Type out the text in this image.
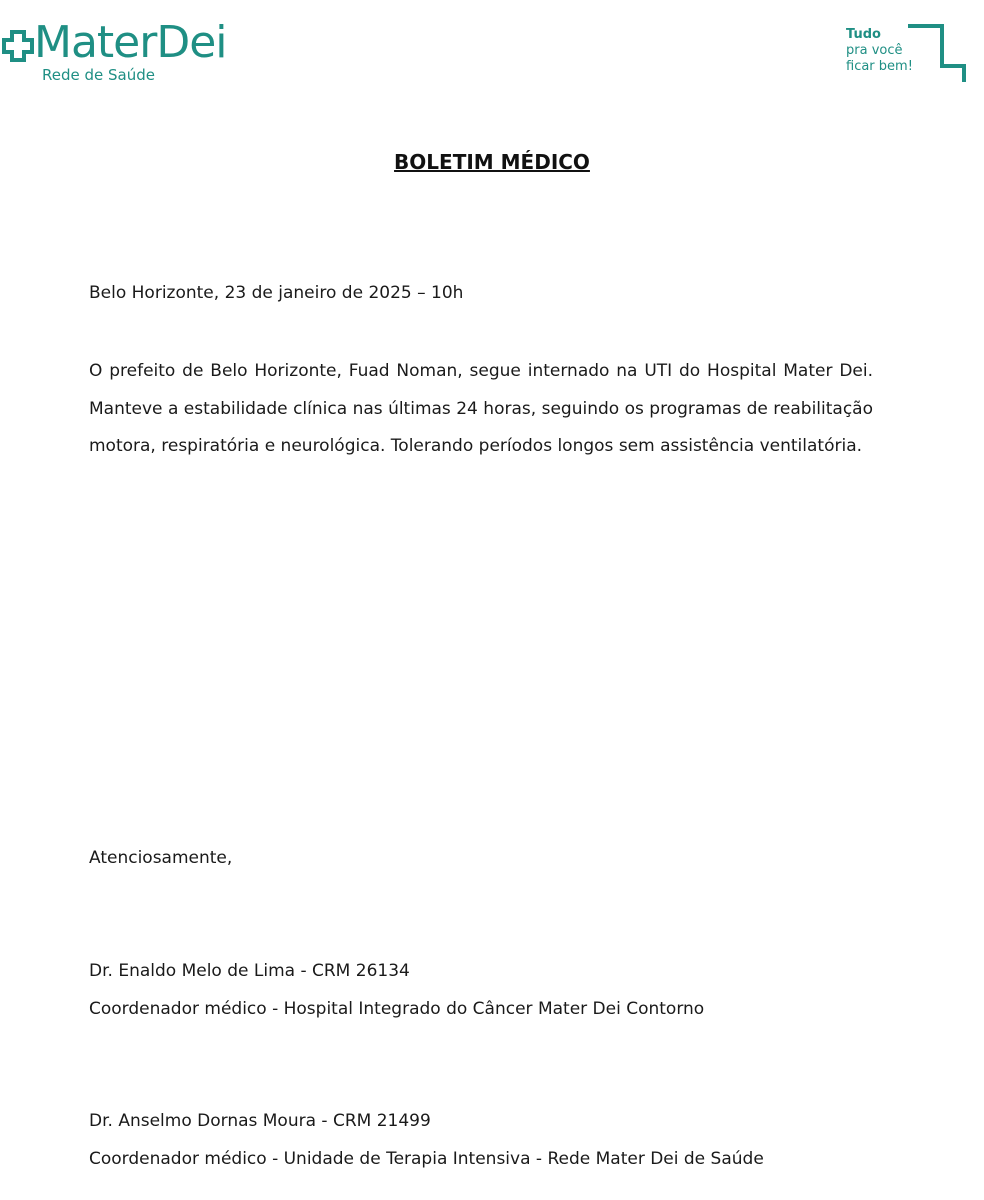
MaterDei
Rede de Saúde
Tudo
pra você
ficar bem!
BOLETIM MÉDICO
Belo Horizonte, 23 de janeiro de 2025 – 10h
O prefeito de Belo Horizonte, Fuad Noman, segue internado na UTI do Hospital Mater Dei. Manteve a estabilidade clínica nas últimas 24 horas, seguindo os programas de reabilitação motora, respiratória e neurológica. Tolerando períodos longos sem assistência ventilatória.
Atenciosamente,
Dr. Enaldo Melo de Lima - CRM 26134
Coordenador médico - Hospital Integrado do Câncer Mater Dei Contorno
Dr. Anselmo Dornas Moura - CRM 21499
Coordenador médico - Unidade de Terapia Intensiva - Rede Mater Dei de Saúde
